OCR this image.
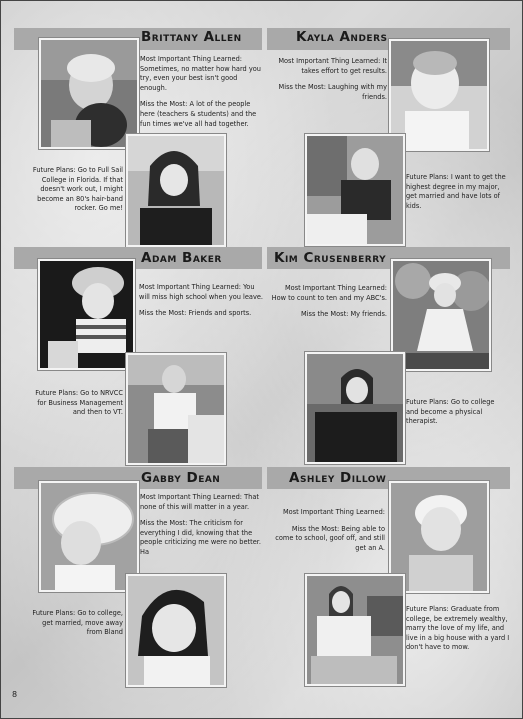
Brittany Allen	Kayla Anders

Most Important Thing Learned: Sometimes, no matter how hard you try, even your best isn't good enough.

Miss the Most: A lot of the people here (teachers & students) and the fun times we've all had together.

Future Plans: Go to Full Sail College in Florida. If that doesn't work out, I might become an 80's hair-band rocker. Go me!

Most Important Thing Learned: It takes effort to get results.

Miss the Most: Laughing with my friends.

Future Plans: I want to get the highest degree in my major, get married and have lots of kids.
Adam Baker	Kim Crusenberry

Most Important Thing Learned: You will miss high school when you leave.

Miss the Most: Friends and sports.

Future Plans: Go to NRVCC for Business Management and then to VT.

Most Important Thing Learned: How to count to ten and my ABC's.

Miss the Most: My friends.

Future Plans: Go to college and become a physical therapist.
Gabby Dean	Ashley Dillow

Most Important Thing Learned: That none of this will matter in a year.

Miss the Most: The criticism for everything I did, knowing that the people criticizing me were no better. Ha

Future Plans: Go to college, get married, move away from Bland

Most Important Thing Learned:

Miss the Most: Being able to come to school, goof off, and still get an A.

Future Plans: Graduate from college, be extremely wealthy, marry the love of my life, and live in a big house with a yard I don't have to mow.
8
